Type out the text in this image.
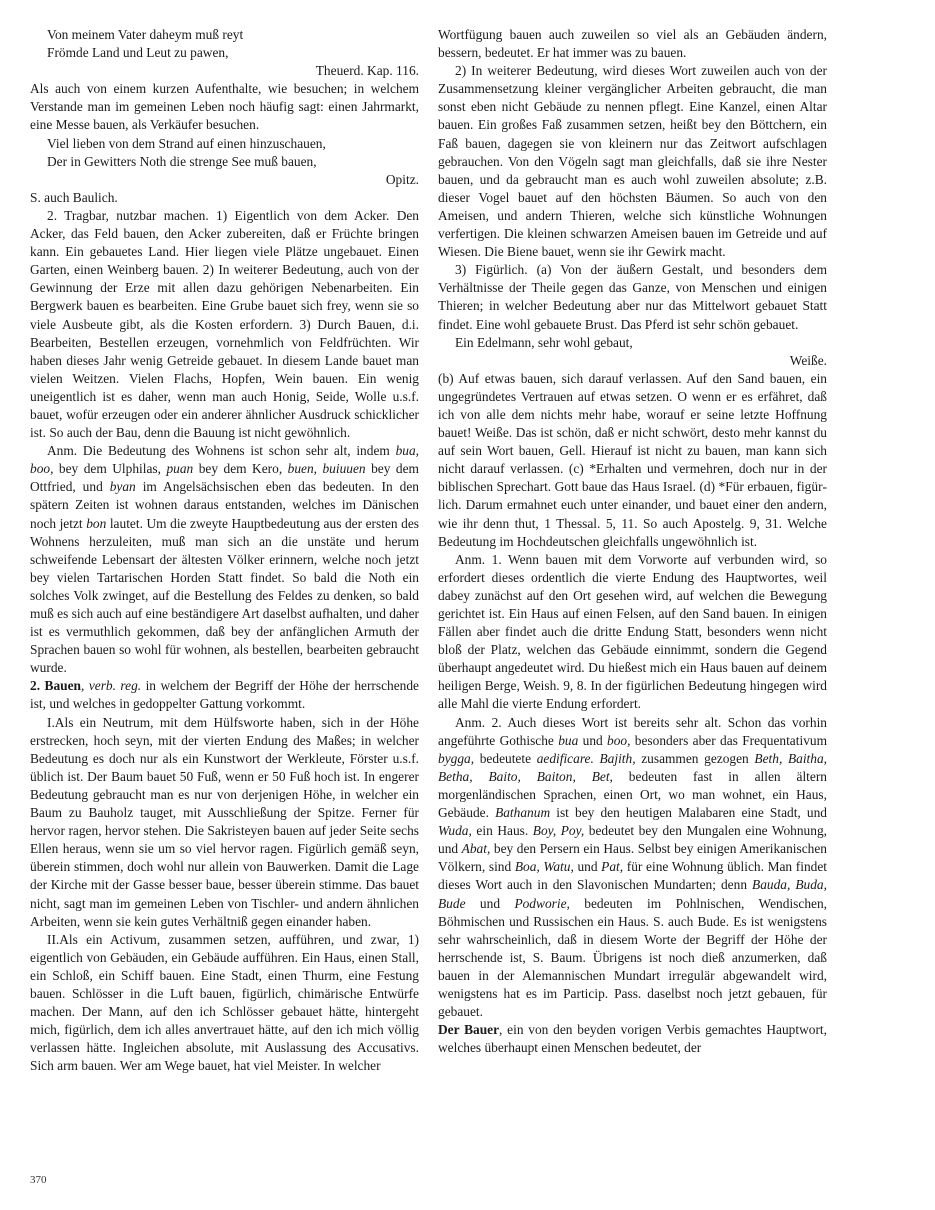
Von meinem Vater daheym muß reyt

Frömde Land und Leut zu pawen,

Theuerd. Kap. 116.

Als auch von einem kurzen Aufenthalte, wie besuchen; in welchem Verstande man im gemeinen Leben noch häufig sagt: einen Jahrmarkt, eine Messe bauen, als Verkäufer besuchen.

Viel lieben von dem Strand auf einen hinzuschauen,

Der in Gewitters Noth die strenge See muß bauen,

Opitz.

S. auch Baulich.

2. Tragbar, nutzbar machen. 1) Eigentlich von dem Acker. Den Acker, das Feld bauen, den Acker zubereiten, daß er Früchte bringen kann. Ein gebauetes Land. Hier liegen viele Plätze ungebauet. Einen Garten, einen Weinberg bauen. 2) In weiterer Bedeutung, auch von der Gewinnung der Erze mit allen dazu gehörigen Nebenarbeiten. Ein Bergwerk bauen es bearbeiten. Eine Grube bauet sich frey, wenn sie so viele Ausbeute gibt, als die Kosten erfordern. 3) Durch Bauen, d.i. Bearbeiten, Bestellen erzeugen, vornehmlich von Feldfrüchten. Wir haben dieses Jahr wenig Getreide gebauet. In diesem Lande bauet man vielen Weitzen. Vielen Flachs, Hopfen, Wein bauen. Ein wenig uneigentlich ist es daher, wenn man auch Honig, Seide, Wolle u.s.f. bauet, wofür erzeugen oder ein anderer ähnlicher Ausdruck schicklicher ist. So auch der Bau, denn die Bauung ist nicht gewöhnlich.

Anm. Die Bedeutung des Wohnens ist schon sehr alt, indem bua, boo, bey dem Ulphilas, puan bey dem Kero, buen, buiuuen bey dem Ottfried, und byan im Angelsächsischen eben das bedeuten. In den spätern Zeiten ist wohnen daraus entstanden, welches im Dänischen noch jetzt bon lautet. Um die zweyte Hauptbedeutung aus der ersten des Wohnens herzuleiten, muß man sich an die unstäte und herum schweifende Lebensart der ältesten Völker erinnern, welche noch jetzt bey vielen Tartarischen Horden Statt findet. So bald die Noth ein solches Volk zwinget, auf die Bestellung des Feldes zu denken, so bald muß es sich auch auf eine beständigere Art daselbst aufhalten, und daher ist es vermuthlich gekommen, daß bey der anfänglichen Armuth der Sprachen bauen so wohl für wohnen, als bestellen, bearbeiten gebraucht wurde.

2. Bauen, verb. reg. in welchem der Begriff der Höhe der herrschende ist, und welches in gedoppelter Gattung vorkommt.

I.Als ein Neutrum, mit dem Hülfsworte haben, sich in der Höhe erstrecken, hoch seyn, mit der vierten Endung des Maßes; in welcher Bedeutung es doch nur als ein Kunstwort der Werkleute, Förster u.s.f. üblich ist. Der Baum bauet 50 Fuß, wenn er 50 Fuß hoch ist. In engerer Bedeutung gebraucht man es nur von derjenigen Höhe, in welcher ein Baum zu Bauholz tauget, mit Ausschließung der Spitze. Ferner für hervor ragen, hervor stehen. Die Sakristeyen bauen auf jeder Seite sechs Ellen heraus, wenn sie um so viel hervor ragen. Figürlich gemäß seyn, überein stimmen, doch wohl nur allein von Bauwerken. Damit die Lage der Kirche mit der Gasse besser baue, besser überein stimme. Das bauet nicht, sagt man im gemeinen Leben von Tischler- und andern ähnlichen Arbeiten, wenn sie kein gutes Verhältniß gegen einander haben.

II.Als ein Activum, zusammen setzen, aufführen, und zwar, 1) eigentlich von Gebäuden, ein Gebäude aufführen. Ein Haus, einen Stall, ein Schloß, ein Schiff bauen. Eine Stadt, einen Thurm, eine Festung bauen. Schlösser in die Luft bauen, figürlich, chimärische Entwürfe machen. Der Mann, auf den ich Schlösser gebauet hätte, hintergeht mich, figürlich, dem ich alles anvertrauet hätte, auf den ich mich völlig verlassen hätte. Ingleichen absolute, mit Auslassung des Accusativs. Sich arm bauen. Wer am Wege bauet, hat viel Meister. In welcher

Wortfügung bauen auch zuweilen so viel als an Gebäuden ändern, bessern, bedeutet. Er hat immer was zu bauen.

2) In weiterer Bedeutung, wird dieses Wort zuweilen auch von der Zusammensetzung kleiner vergänglicher Arbeiten gebraucht, die man sonst eben nicht Gebäude zu nennen pflegt. Eine Kanzel, einen Altar bauen. Ein großes Faß zusammen setzen, heißt bey den Böttchern, ein Faß bauen, dagegen sie von kleinern nur das Zeitwort aufschlagen gebrauchen. Von den Vögeln sagt man gleichfalls, daß sie ihre Nester bauen, und da gebraucht man es auch wohl zuweilen absolute; z.B. dieser Vogel bauet auf den höchsten Bäumen. So auch von den Ameisen, und andern Thieren, welche sich künstliche Wohnungen verfertigen. Die kleinen schwarzen Ameisen bauen im Getreide und auf Wiesen. Die Biene bauet, wenn sie ihr Gewirk macht.

3) Figürlich. (a) Von der äußern Gestalt, und besonders dem Verhältnisse der Theile gegen das Ganze, von Menschen und einigen Thieren; in welcher Bedeutung aber nur das Mittelwort gebauet Statt findet. Eine wohl gebauete Brust. Das Pferd ist sehr schön gebauet.

Ein Edelmann, sehr wohl gebaut,

Weiße.

(b) Auf etwas bauen, sich darauf verlassen. Auf den Sand bauen, ein ungegründetes Vertrauen auf etwas setzen. O wenn er es erfähret, daß ich von alle dem nichts mehr habe, worauf er seine letzte Hoffnung bauet! Weiße. Das ist schön, daß er nicht schwört, desto mehr kannst du auf sein Wort bauen, Gell. Hierauf ist nicht zu bauen, man kann sich nicht darauf verlassen. (c) *Erhalten und vermehren, doch nur in der biblischen Sprechart. Gott baue das Haus Israel. (d) *Für erbauen, figürlich. Darum ermahnet euch unter einander, und bauet einer den andern, wie ihr denn thut, 1 Thessal. 5, 11. So auch Apostelg. 9, 31. Welche Bedeutung im Hochdeutschen gleichfalls ungewöhnlich ist.

Anm. 1. Wenn bauen mit dem Vorworte auf verbunden wird, so erfordert dieses ordentlich die vierte Endung des Hauptwortes, weil dabey zunächst auf den Ort gesehen wird, auf welchen die Bewegung gerichtet ist. Ein Haus auf einen Felsen, auf den Sand bauen. In einigen Fällen aber findet auch die dritte Endung Statt, besonders wenn nicht bloß der Platz, welchen das Gebäude einnimmt, sondern die Gegend überhaupt angedeutet wird. Du hießest mich ein Haus bauen auf deinem heiligen Berge, Weish. 9, 8. In der figürlichen Bedeutung hingegen wird alle Mahl die vierte Endung erfordert.

Anm. 2. Auch dieses Wort ist bereits sehr alt. Schon das vorhin angeführte Gothische bua und boo, besonders aber das Frequentativum bygga, bedeutete aedificare. Bajith, zusammen gezogen Beth, Baitha, Betha, Baito, Baiton, Bet, bedeuten fast in allen ältern morgenländischen Sprachen, einen Ort, wo man wohnet, ein Haus, Gebäude. Bathanum ist bey den heutigen Malabaren eine Stadt, und Wuda, ein Haus. Boy, Poy, bedeutet bey den Mungalen eine Wohnung, und Abat, bey den Persern ein Haus. Selbst bey einigen Amerikanischen Völkern, sind Boa, Watu, und Pat, für eine Wohnung üblich. Man findet dieses Wort auch in den Slavonischen Mundarten; denn Bauda, Buda, Bude und Podworie, bedeuten im Pohlnischen, Wendischen, Böhmischen und Russischen ein Haus. S. auch Bude. Es ist wenigstens sehr wahrscheinlich, daß in diesem Worte der Begriff der Höhe der herrschende ist, S. Baum. Übrigens ist noch dieß anzumerken, daß bauen in der Alemannischen Mundart irregulär abgewandelt wird, wenigstens hat es im Particip. Pass. daselbst noch jetzt gebauen, für gebauet.

Der Bauer, ein von den beyden vorigen Verbis gemachtes Hauptwort, welches überhaupt einen Menschen bedeutet, der

370
